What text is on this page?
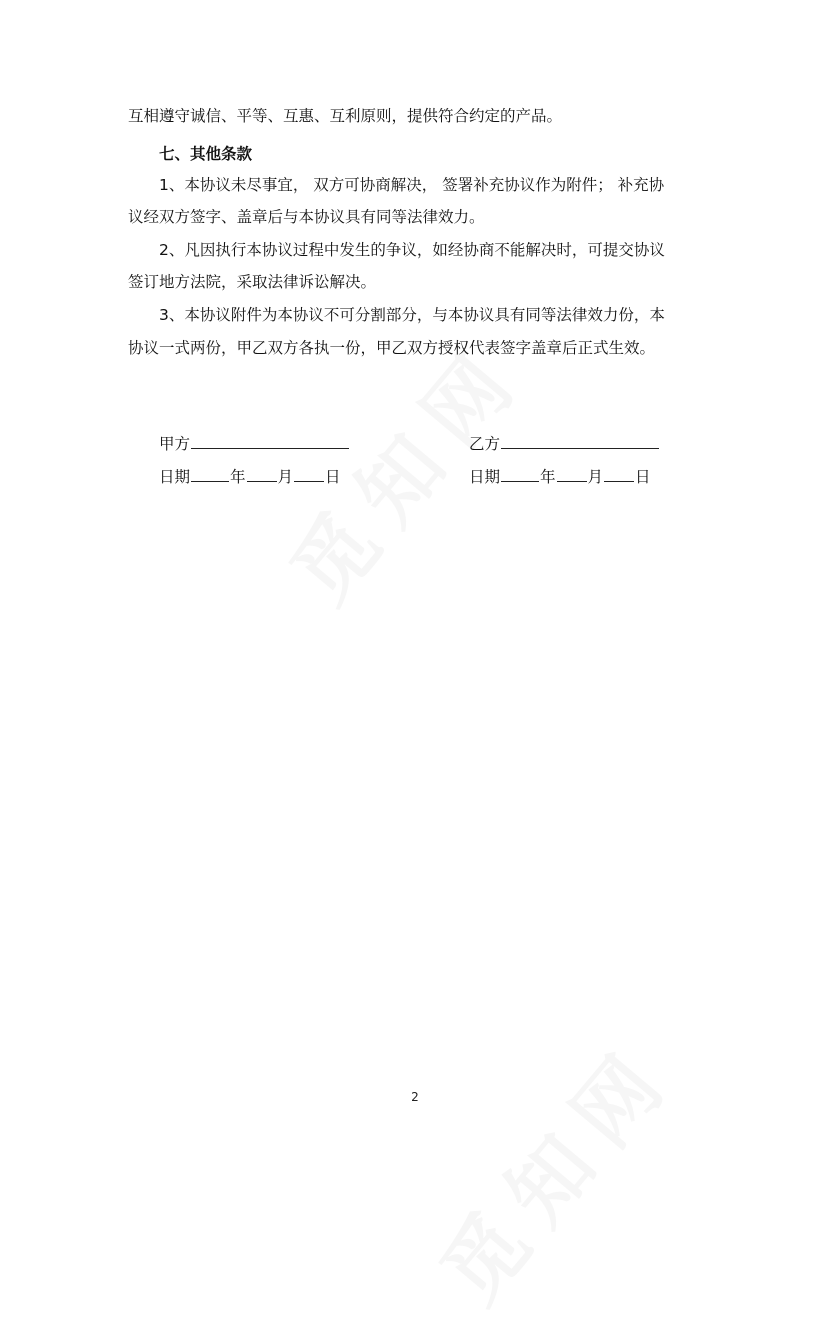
互相遵守诚信、平等、互惠、互利原则，提供符合约定的产品。
七、其他条款
1、本协议未尽事宜， 双方可协商解决， 签署补充协议作为附件； 补充协
议经双方签字、盖章后与本协议具有同等法律效力。
2、凡因执行本协议过程中发生的争议，如经协商不能解决时，可提交协议
签订地方法院，采取法律诉讼解决。
3、本协议附件为本协议不可分割部分，与本协议具有同等法律效力份，本
协议一式两份，甲乙双方各执一份，甲乙双方授权代表签字盖章后正式生效。
甲方
日期	年 月 日
乙方
日期	年 月 日
2
